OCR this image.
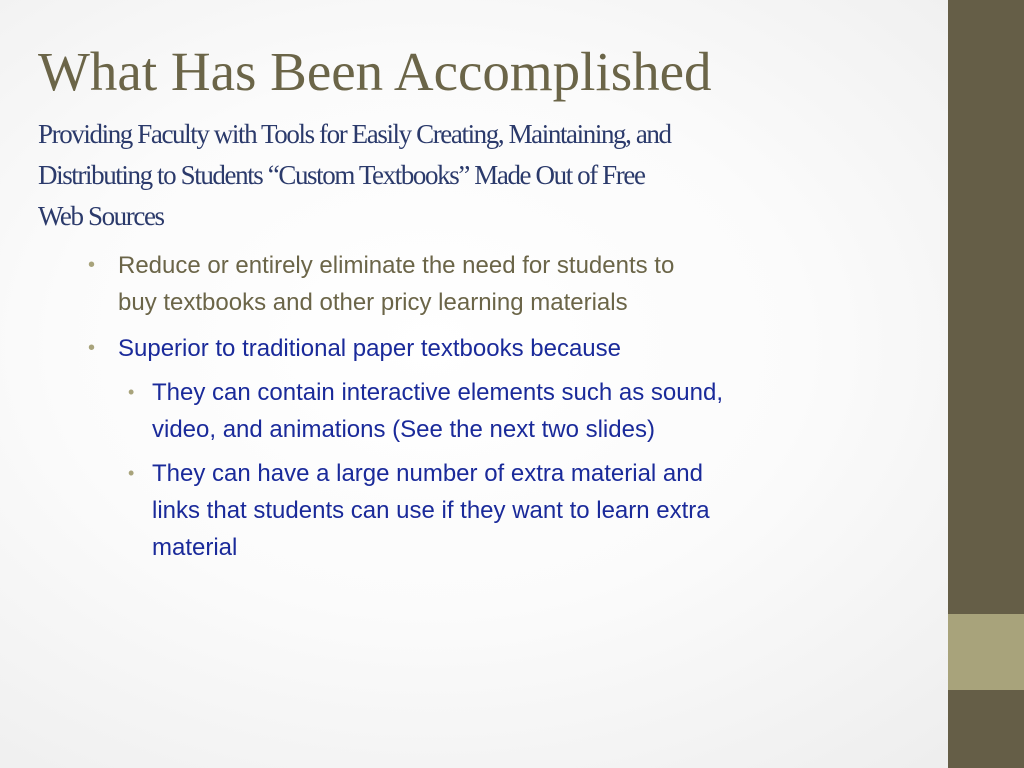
What Has Been Accomplished
Providing Faculty with Tools for Easily Creating, Maintaining, and
Distributing to Students “Custom Textbooks” Made Out of Free
Web Sources
• Reduce or entirely eliminate the need for students to
buy textbooks and other pricy learning materials
• Superior to traditional paper textbooks because
• They can contain interactive elements such as sound,
video, and animations (See the next two slides)
• They can have a large number of extra material and
links that students can use if they want to learn extra
material
